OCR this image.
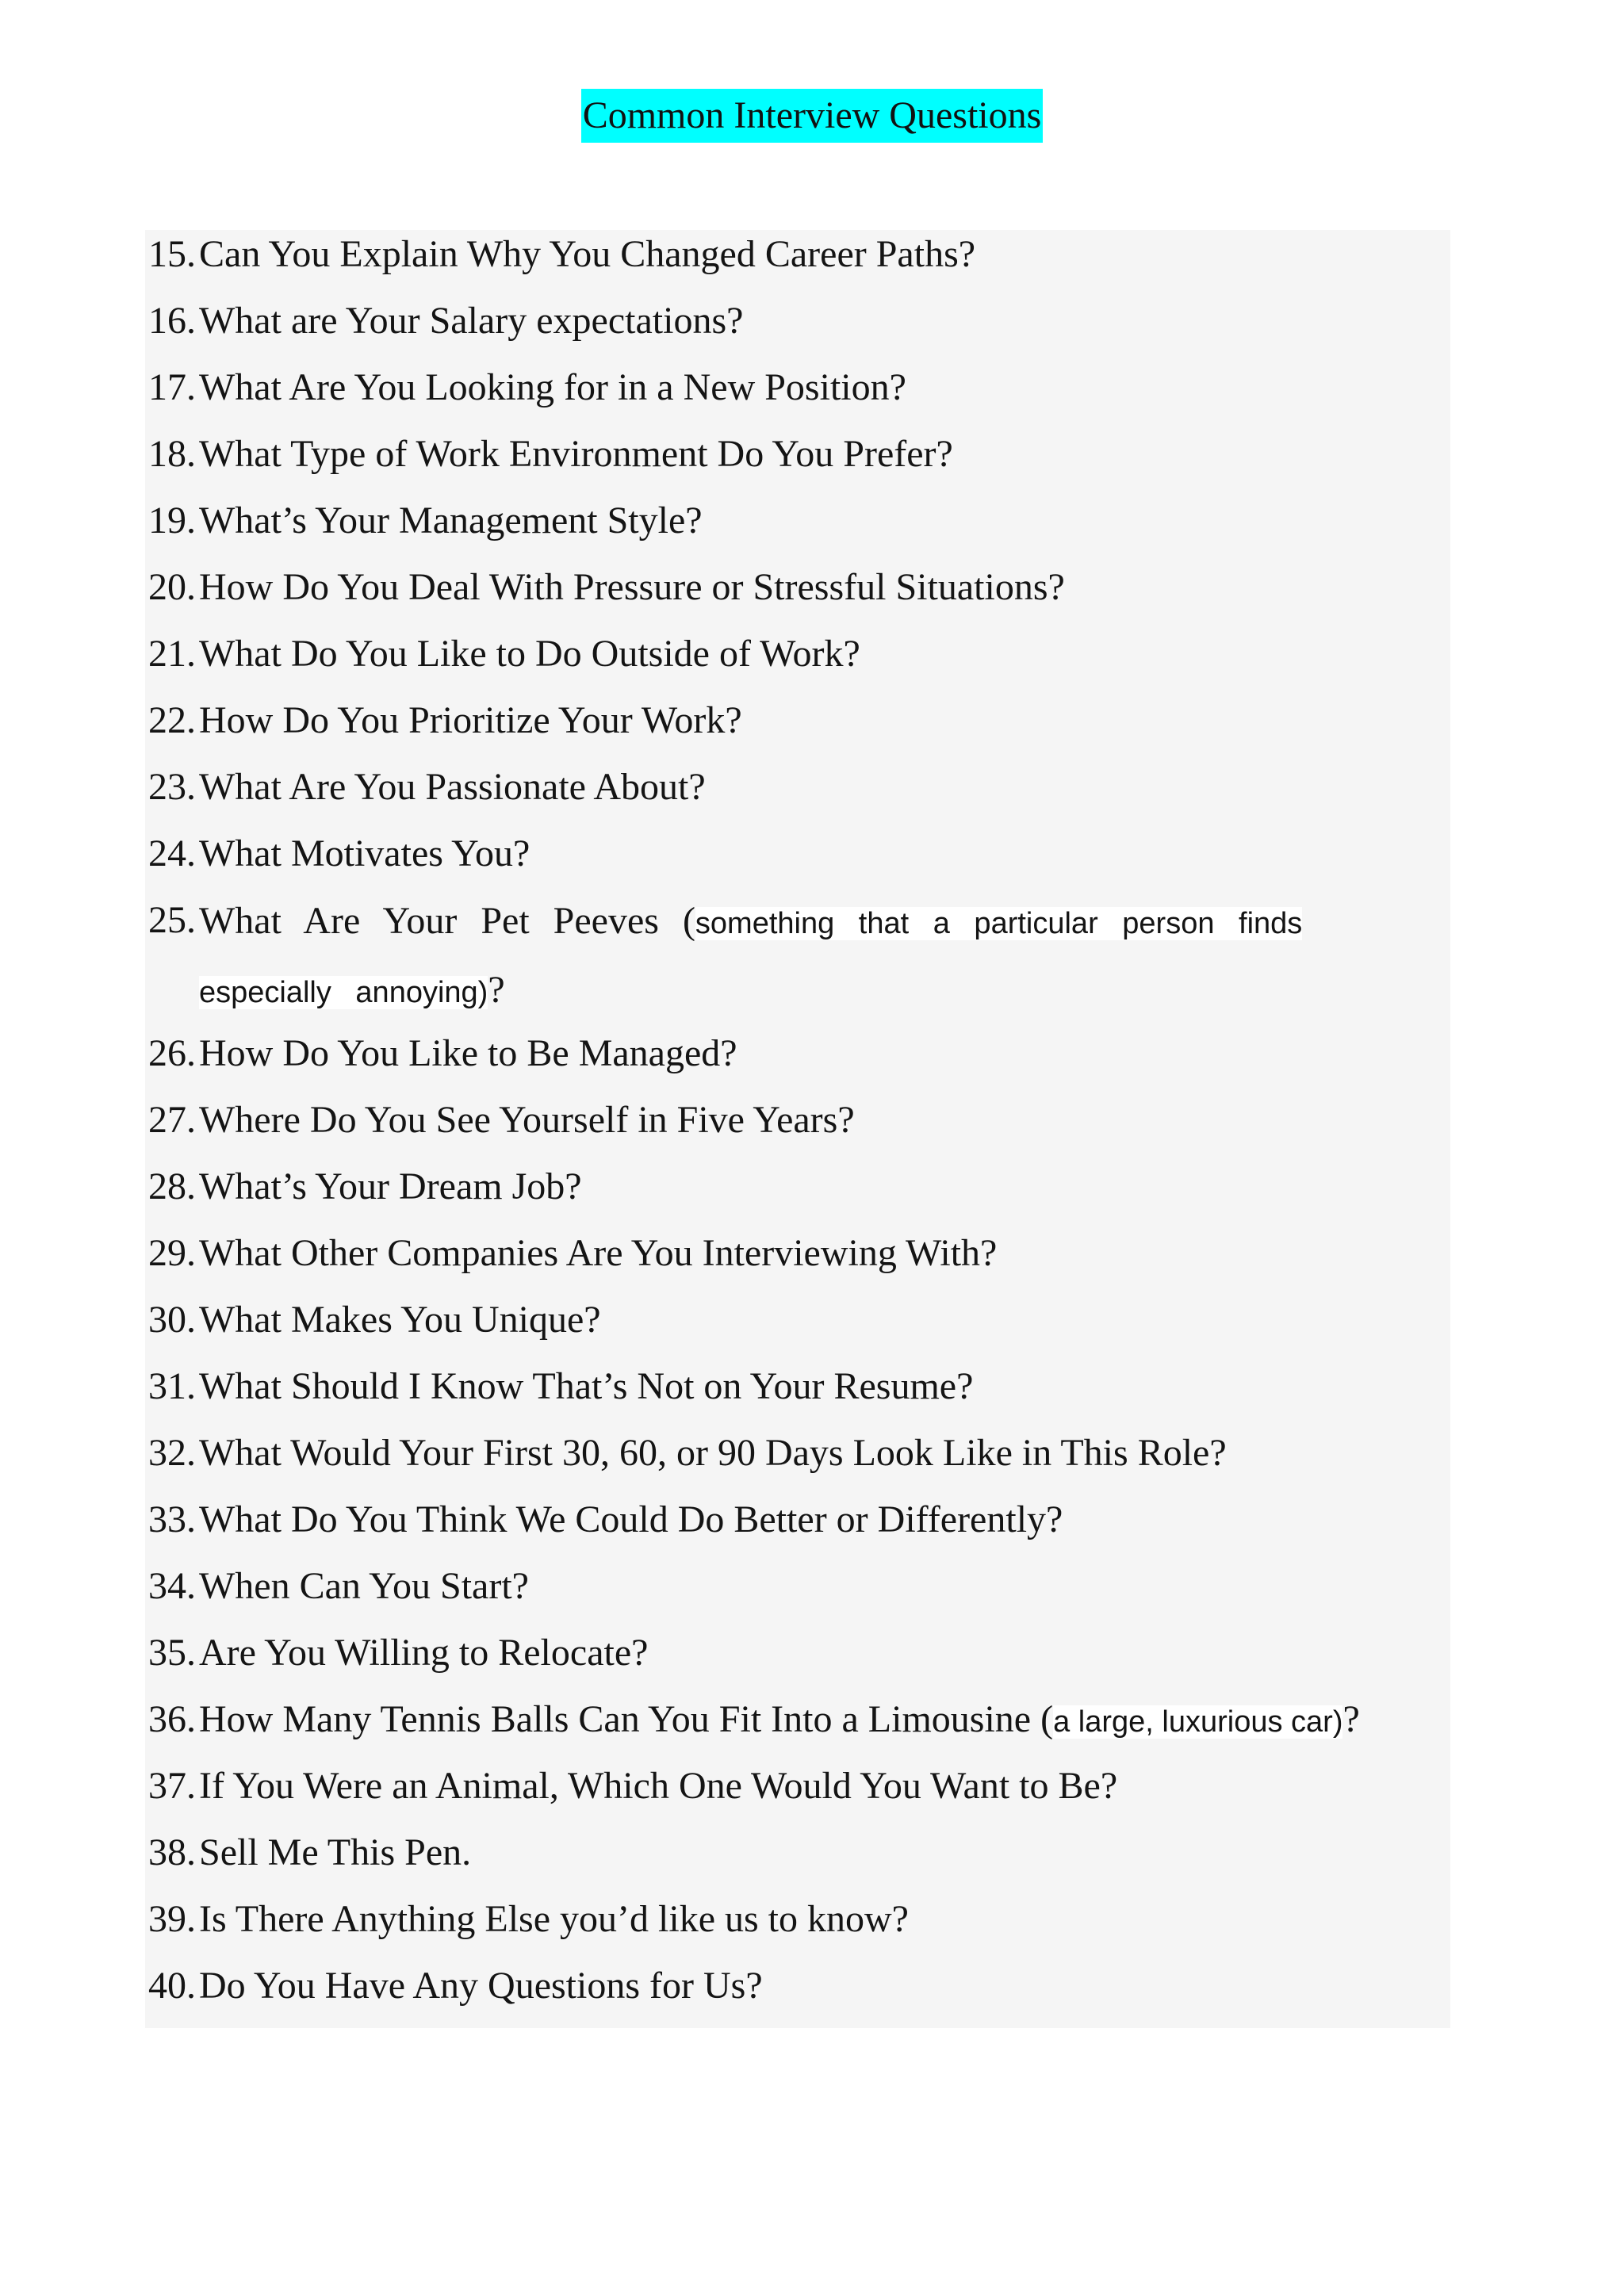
Common Interview Questions
15. Can You Explain Why You Changed Career Paths?
16. What are Your Salary expectations?
17. What Are You Looking for in a New Position?
18. What Type of Work Environment Do You Prefer?
19. What’s Your Management Style?
20. How Do You Deal With Pressure or Stressful Situations?
21. What Do You Like to Do Outside of Work?
22. How Do You Prioritize Your Work?
23. What Are You Passionate About?
24. What Motivates You?
25. What Are Your Pet Peeves (something that a particular person finds especially annoying)?
26. How Do You Like to Be Managed?
27. Where Do You See Yourself in Five Years?
28. What’s Your Dream Job?
29. What Other Companies Are You Interviewing With?
30. What Makes You Unique?
31. What Should I Know That’s Not on Your Resume?
32. What Would Your First 30, 60, or 90 Days Look Like in This Role?
33. What Do You Think We Could Do Better or Differently?
34. When Can You Start?
35. Are You Willing to Relocate?
36. How Many Tennis Balls Can You Fit Into a Limousine (a large, luxurious car)?
37. If You Were an Animal, Which One Would You Want to Be?
38. Sell Me This Pen.
39. Is There Anything Else you’d like us to know?
40. Do You Have Any Questions for Us?
